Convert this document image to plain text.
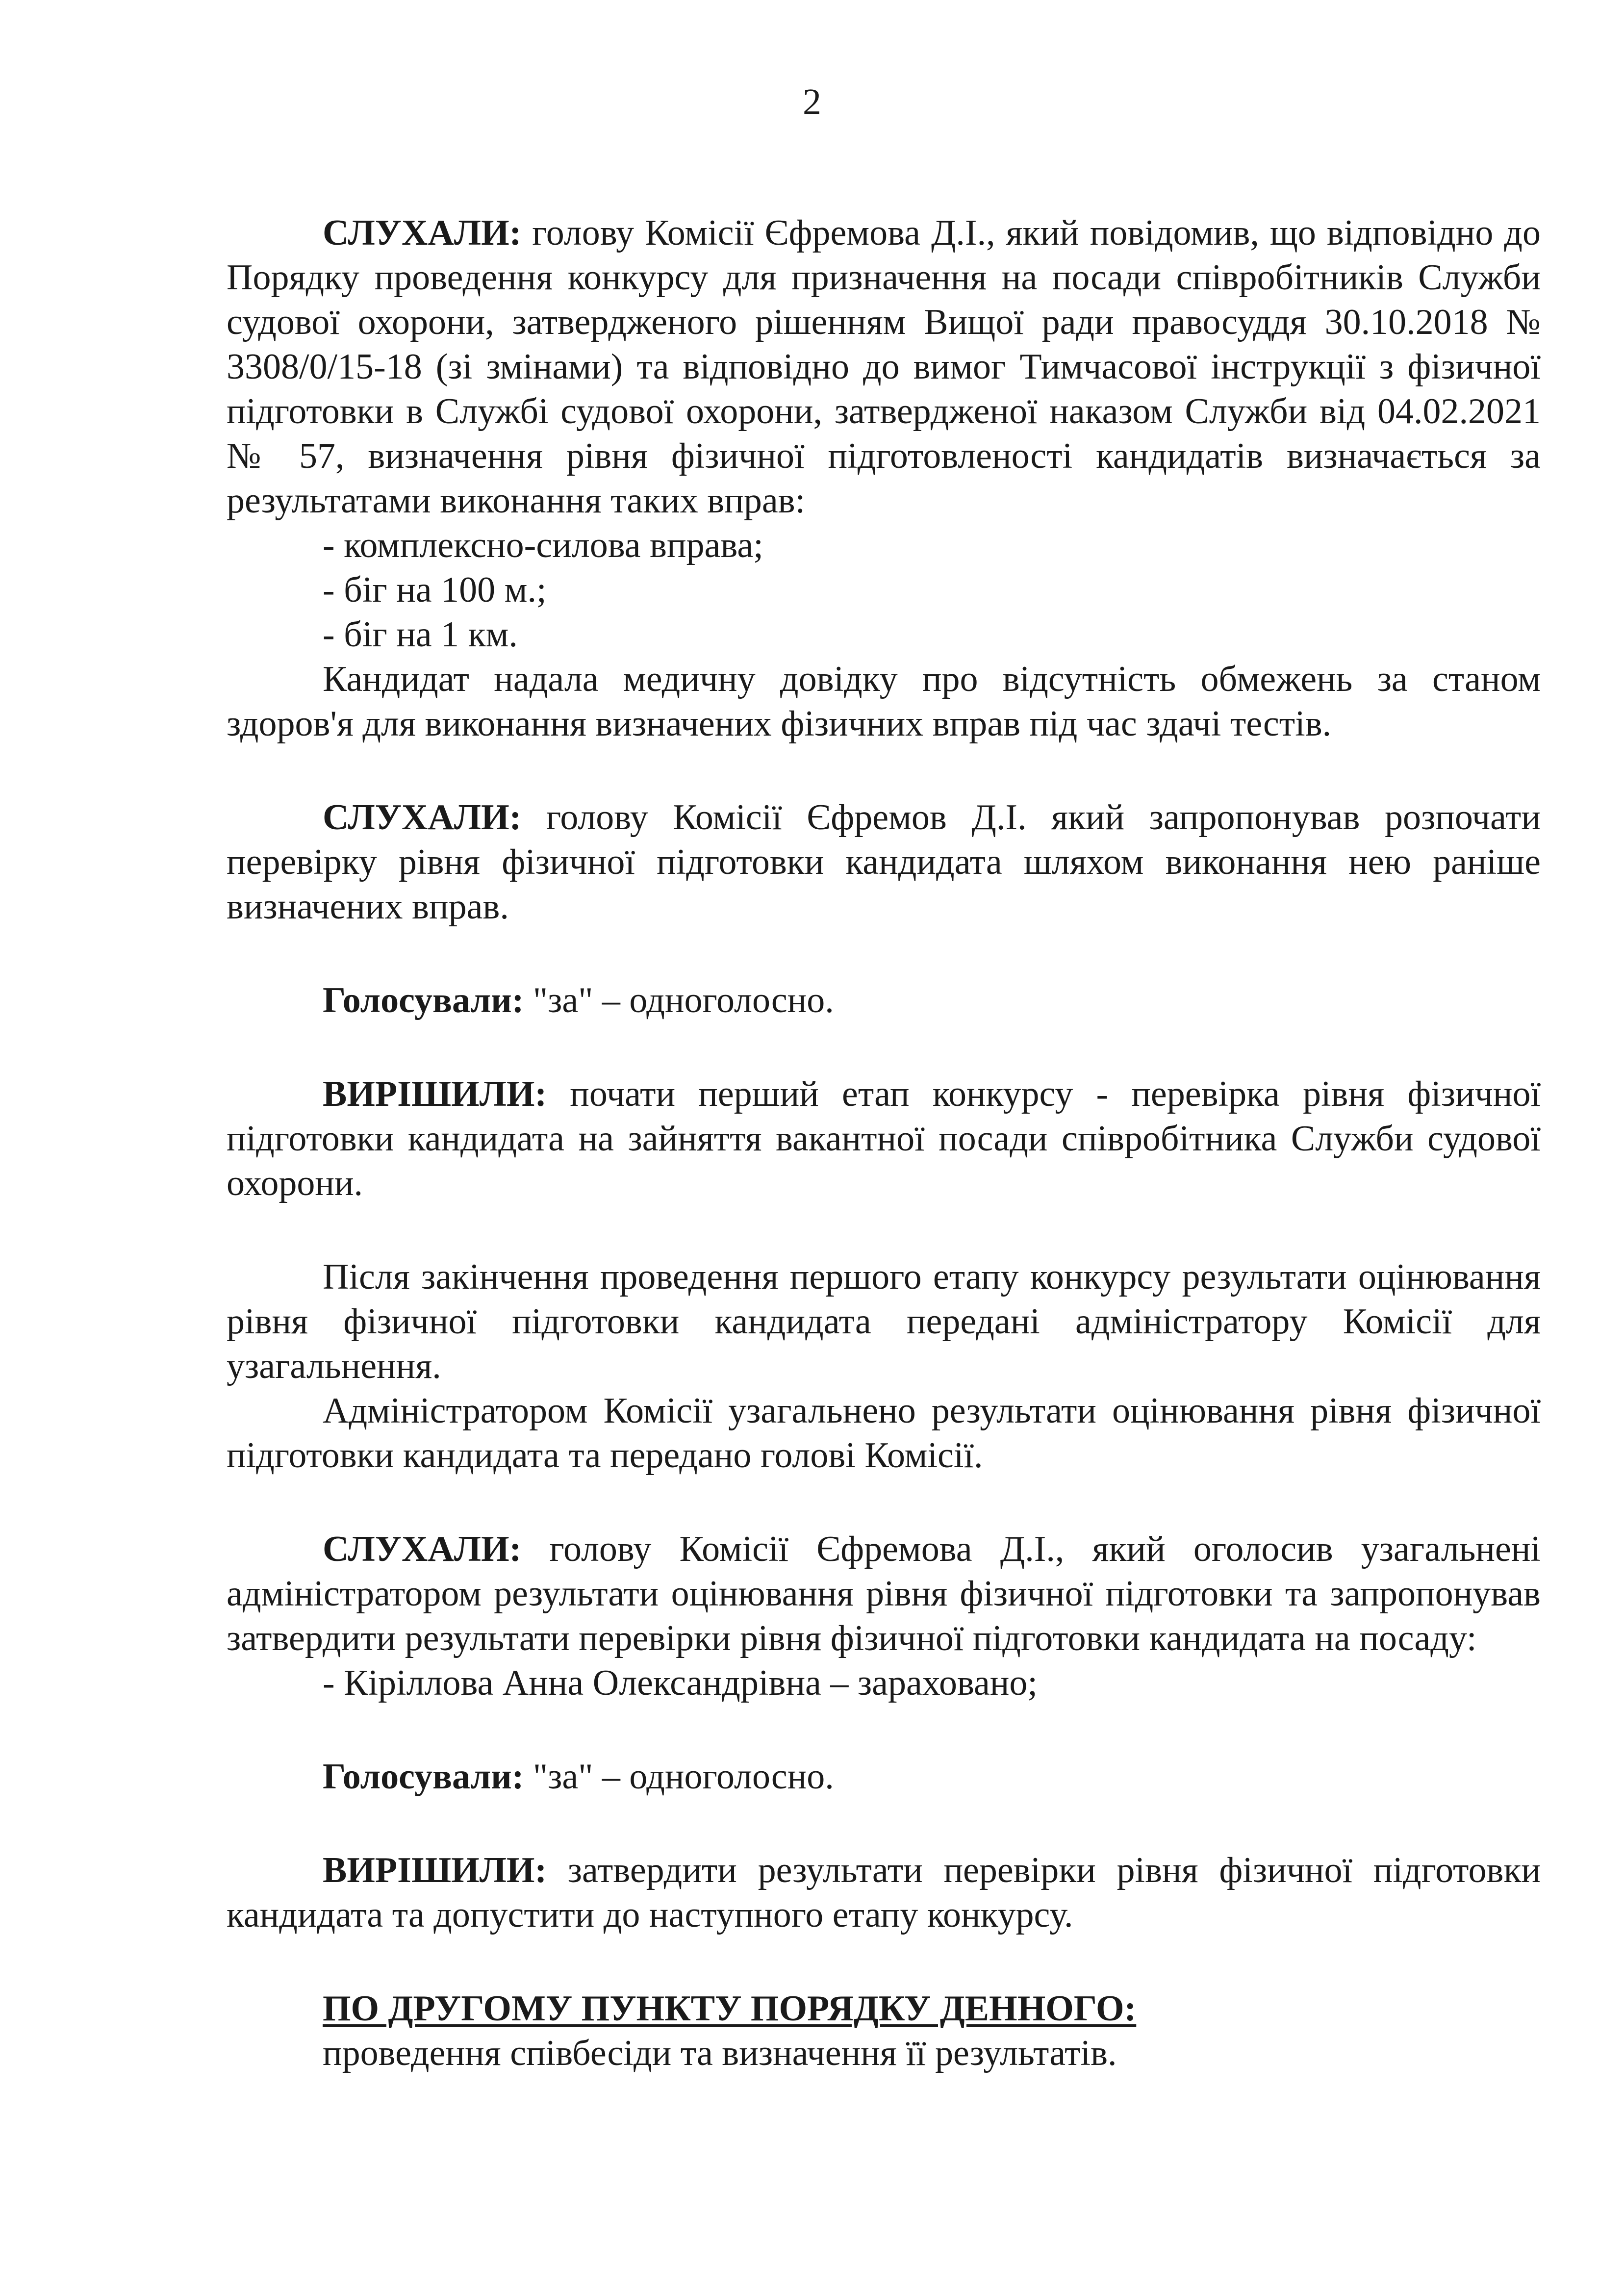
2

СЛУХАЛИ: голову Комісії Єфремова Д.І., який повідомив, що відповідно до Порядку проведення конкурсу для призначення на посади співробітників Служби судової охорони, затвердженого рішенням Вищої ради правосуддя 30.10.2018 № 3308/0/15-18 (зі змінами) та відповідно до вимог Тимчасової інструкції з фізичної підготовки в Службі судової охорони, затвердженої наказом Служби від 04.02.2021 № 57, визначення рівня фізичної підготовленості кандидатів визначається за результатами виконання таких вправ:

- комплексно-силова вправа;
- біг на 100 м.;
- біг на 1 км.

Кандидат надала медичну довідку про відсутність обмежень за станом здоров'я для виконання визначених фізичних вправ під час здачі тестів.

СЛУХАЛИ: голову Комісії Єфремов Д.І. який запропонував розпочати перевірку рівня фізичної підготовки кандидата шляхом виконання нею раніше визначених вправ.

Голосували: "за" – одноголосно.

ВИРІШИЛИ: почати перший етап конкурсу - перевірка рівня фізичної підготовки кандидата на зайняття вакантної посади співробітника Служби судової охорони.

Після закінчення проведення першого етапу конкурсу результати оцінювання рівня фізичної підготовки кандидата передані адміністратору Комісії для узагальнення.

Адміністратором Комісії узагальнено результати оцінювання рівня фізичної підготовки кандидата та передано голові Комісії.

СЛУХАЛИ: голову Комісії Єфремова Д.І., який оголосив узагальнені адміністратором результати оцінювання рівня фізичної підготовки та запропонував затвердити результати перевірки рівня фізичної підготовки кандидата на посаду:

- Кіріллова Анна Олександрівна – зараховано;

Голосували: "за" – одноголосно.

ВИРІШИЛИ: затвердити результати перевірки рівня фізичної підготовки кандидата та допустити до наступного етапу конкурсу.

ПО ДРУГОМУ ПУНКТУ ПОРЯДКУ ДЕННОГО:

проведення співбесіди та визначення її результатів.
